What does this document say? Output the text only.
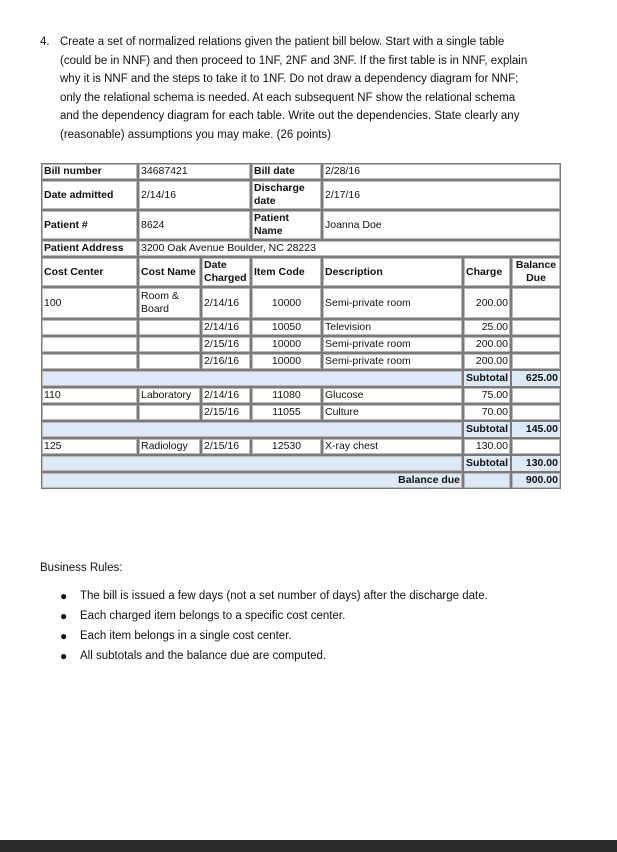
4. Create a set of normalized relations given the patient bill below. Start with a single table

(could be in NNF) and then proceed to 1NF, 2NF and 3NF. If the first table is in NNF, explain

why it is NNF and the steps to take it to 1NF. Do not draw a dependency diagram for NNF;

only the relational schema is needed. At each subsequent NF show the relational schema

and the dependency diagram for each table. Write out the dependencies. State clearly any

(reasonable) assumptions you may make. (26 points)

Bill number	34687421		Bill date	2/28/16		
Date admitted	2/14/16		Discharge date	2/17/16		
Patient #	8624		Patient Name	Joanna Doe		
Patient Address	3200 Oak Avenue Boulder, NC 28223					
Cost Center	Cost Name	Date Charged	Item Code	Description	Charge	Balance Due
100	Room & Board	2/14/16	10000	Semi-private room	200.00	
		2/14/16	10050	Television	25.00	
		2/15/16	10000	Semi-private room	200.00	
		2/16/16	10000	Semi-private room	200.00	
					Subtotal	625.00
110	Laboratory	2/14/16	11080	Glucose	75.00	
		2/15/16	11055	Culture	70.00	
					Subtotal	145.00
125	Radiology	2/15/16	12530	X-ray chest	130.00	
					Subtotal	130.00
Balance due						900.00

Business Rules:

● The bill is issued a few days (not a set number of days) after the discharge date.
● Each charged item belongs to a specific cost center.
● Each item belongs in a single cost center.
● All subtotals and the balance due are computed.
